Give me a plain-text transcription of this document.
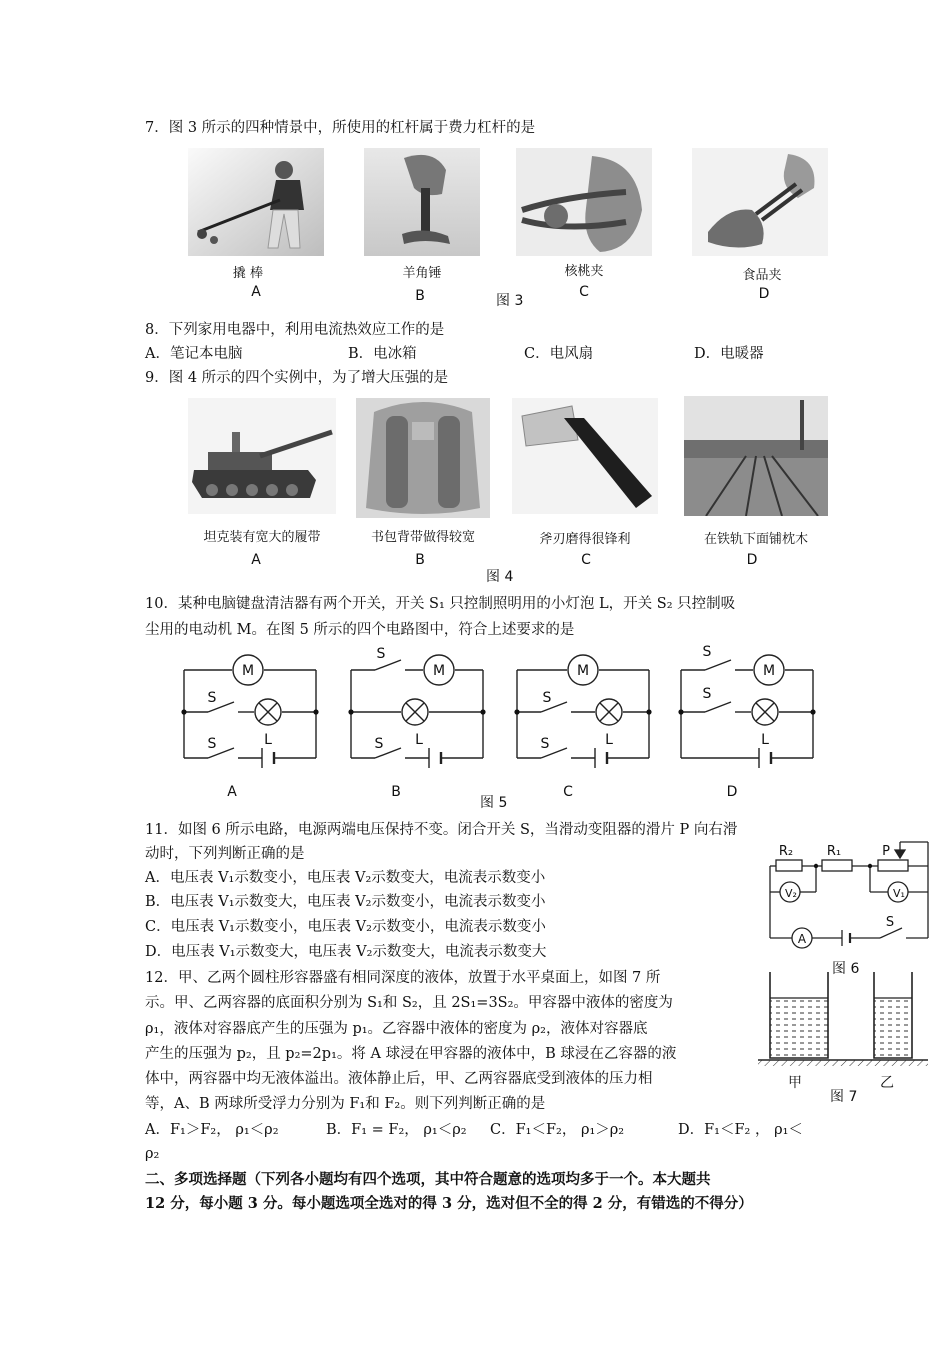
7．图 3 所示的四种情景中，所使用的杠杆属于费力杠杆的是
撬 棒	羊角锤	核桃夹	食品夹
A	B	图 3
C	D
8．下列家用电器中，利用电流热效应工作的是
A．笔记本电脑	B．电冰箱	C．电风扇	D．电暖器
9．图 4 所示的四个实例中，为了增大压强的是
坦克装有宽大的履带	书包背带做得较宽	斧刃磨得很锋利	在铁轨下面铺枕木
A	B
图 4
C	D
10．某种电脑键盘清洁器有两个开关，开关 S₁ 只控制照明用的小灯泡 L，开关 S₂ 只控制吸
尘用的电动机 M。在图 5 所示的四个电路图中，符合上述要求的是
M
S
S	L
M
S
S L
M
S
S	L
M
S
S
L
A	B
图 5
C	D
11．如图 6 所示电路，电源两端电压保持不变。闭合开关 S，当滑动变阻器的滑片 P 向右滑
动时，下列判断正确的是
A．电压表 V₁示数变小，电压表 V₂示数变大，电流表示数变小
B．电压表 V₁示数变大，电压表 V₂示数变小，电流表示数变小
C．电压表 V₁示数变小，电压表 V₂示数变小，电流表示数变小
D．电压表 V₁示数变大，电压表 V₂示数变大，电流表示数变大
R₂	R₁	P
V₂	V₁
A
S
图 6
12．甲、乙两个圆柱形容器盛有相同深度的液体，放置于水平桌面上，如图 7 所
示。甲、乙两容器的底面积分别为 S₁和 S₂，且 2S₁=3S₂。甲容器中液体的密度为
ρ₁，液体对容器底产生的压强为 p₁。乙容器中液体的密度为 ρ₂，液体对容器底
产生的压强为 p₂，且 p₂=2p₁。将 A 球浸在甲容器的液体中，B 球浸在乙容器的液
体中，两容器中均无液体溢出。液体静止后，甲、乙两容器底受到液体的压力相
等，A、B 两球所受浮力分别为 F₁和 F₂。则下列判断正确的是
A．F₁＞F₂， ρ₁＜ρ₂	B．F₁ = F₂， ρ₁＜ρ₂ C．F₁＜F₂， ρ₁＞ρ₂	D．F₁＜F₂ ， ρ₁＜
ρ₂
甲	乙
图 7
二、多项选择题（下列各小题均有四个选项，其中符合题意的选项均多于一个。本大题共
12 分，每小题 3 分。每小题选项全选对的得 3 分，选对但不全的得 2 分，有错选的不得分）
